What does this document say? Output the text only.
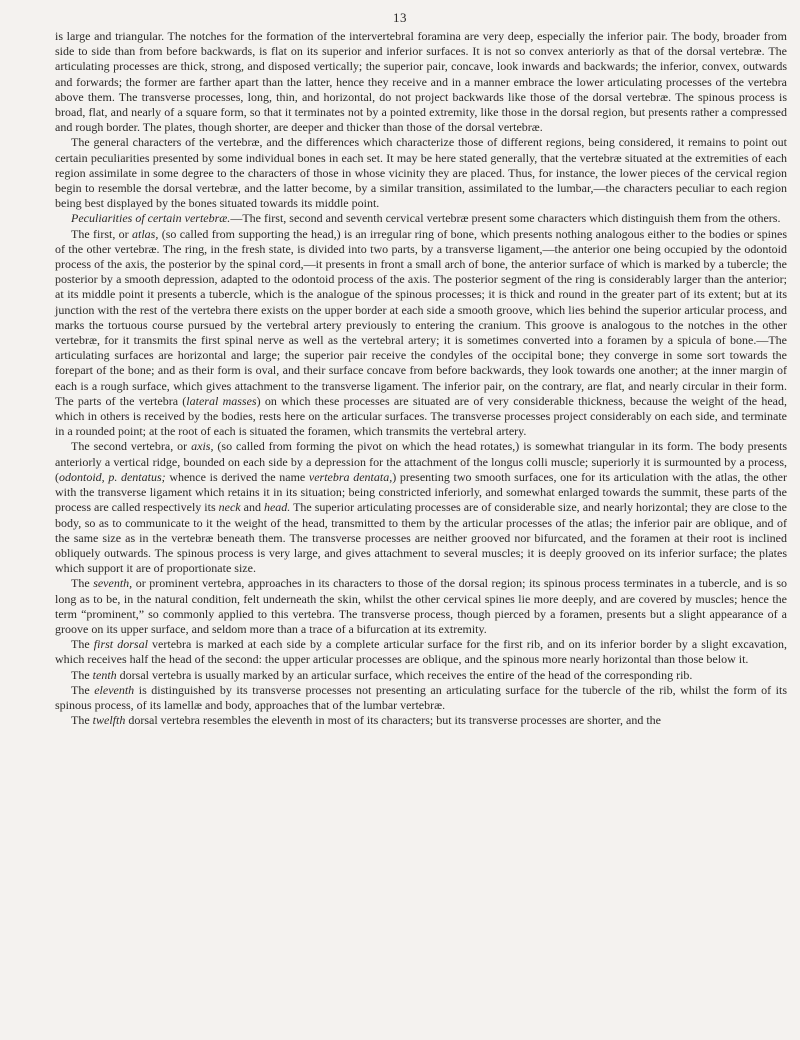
13

is large and triangular. The notches for the formation of the intervertebral foramina are very deep, especially the inferior pair. The body, broader from side to side than from before backwards, is flat on its superior and inferior surfaces. It is not so convex anteriorly as that of the dorsal vertebræ. The articulating processes are thick, strong, and disposed vertically; the superior pair, concave, look inwards and backwards; the inferior, convex, outwards and forwards; the former are farther apart than the latter, hence they receive and in a manner embrace the lower articulating processes of the vertebra above them. The transverse processes, long, thin, and horizontal, do not project backwards like those of the dorsal vertebræ. The spinous process is broad, flat, and nearly of a square form, so that it terminates not by a pointed extremity, like those in the dorsal region, but presents rather a compressed and rough border. The plates, though shorter, are deeper and thicker than those of the dorsal vertebræ.

The general characters of the vertebræ, and the differences which characterize those of different regions, being considered, it remains to point out certain peculiarities presented by some individual bones in each set. It may be here stated generally, that the vertebræ situated at the extremities of each region assimilate in some degree to the characters of those in whose vicinity they are placed. Thus, for instance, the lower pieces of the cervical region begin to resemble the dorsal vertebræ, and the latter become, by a similar transition, assimilated to the lumbar,—the characters peculiar to each region being best displayed by the bones situated towards its middle point.

Peculiarities of certain vertebræ.—The first, second and seventh cervical vertebræ present some characters which distinguish them from the others.

The first, or atlas, (so called from supporting the head,) is an irregular ring of bone, which presents nothing analogous either to the bodies or spines of the other vertebræ. The ring, in the fresh state, is divided into two parts, by a transverse ligament,—the anterior one being occupied by the odontoid process of the axis, the posterior by the spinal cord,—it presents in front a small arch of bone, the anterior surface of which is marked by a tubercle; the posterior by a smooth depression, adapted to the odontoid process of the axis. The posterior segment of the ring is considerably larger than the anterior; at its middle point it presents a tubercle, which is the analogue of the spinous processes; it is thick and round in the greater part of its extent; but at its junction with the rest of the vertebra there exists on the upper border at each side a smooth groove, which lies behind the superior articular process, and marks the tortuous course pursued by the vertebral artery previously to entering the cranium. This groove is analogous to the notches in the other vertebræ, for it transmits the first spinal nerve as well as the vertebral artery; it is sometimes converted into a foramen by a spicula of bone.—The articulating surfaces are horizontal and large; the superior pair receive the condyles of the occipital bone; they converge in some sort towards the forepart of the bone; and as their form is oval, and their surface concave from before backwards, they look towards one another; at the inner margin of each is a rough surface, which gives attachment to the transverse ligament. The inferior pair, on the contrary, are flat, and nearly circular in their form. The parts of the vertebra (lateral masses) on which these processes are situated are of very considerable thickness, because the weight of the head, which in others is received by the bodies, rests here on the articular surfaces. The transverse processes project considerably on each side, and terminate in a rounded point; at the root of each is situated the foramen, which transmits the vertebral artery.

The second vertebra, or axis, (so called from forming the pivot on which the head rotates,) is somewhat triangular in its form. The body presents anteriorly a vertical ridge, bounded on each side by a depression for the attachment of the longus colli muscle; superiorly it is surmounted by a process, (odontoid, p. dentatus; whence is derived the name vertebra dentata,) presenting two smooth surfaces, one for its articulation with the atlas, the other with the transverse ligament which retains it in its situation; being constricted inferiorly, and somewhat enlarged towards the summit, these parts of the process are called respectively its neck and head. The superior articulating processes are of considerable size, and nearly horizontal; they are close to the body, so as to communicate to it the weight of the head, transmitted to them by the articular processes of the atlas; the inferior pair are oblique, and of the same size as in the vertebræ beneath them. The transverse processes are neither grooved nor bifurcated, and the foramen at their root is inclined obliquely outwards. The spinous process is very large, and gives attachment to several muscles; it is deeply grooved on its inferior surface; the plates which support it are of proportionate size.

The seventh, or prominent vertebra, approaches in its characters to those of the dorsal region; its spinous process terminates in a tubercle, and is so long as to be, in the natural condition, felt underneath the skin, whilst the other cervical spines lie more deeply, and are covered by muscles; hence the term “prominent,” so commonly applied to this vertebra. The transverse process, though pierced by a foramen, presents but a slight appearance of a groove on its upper surface, and seldom more than a trace of a bifurcation at its extremity.

The first dorsal vertebra is marked at each side by a complete articular surface for the first rib, and on its inferior border by a slight excavation, which receives half the head of the second: the upper articular processes are oblique, and the spinous more nearly horizontal than those below it.

The tenth dorsal vertebra is usually marked by an articular surface, which receives the entire of the head of the corresponding rib.

The eleventh is distinguished by its transverse processes not presenting an articulating surface for the tubercle of the rib, whilst the form of its spinous process, of its lamellæ and body, approaches that of the lumbar vertebræ.

The twelfth dorsal vertebra resembles the eleventh in most of its characters; but its transverse processes are shorter, and the
